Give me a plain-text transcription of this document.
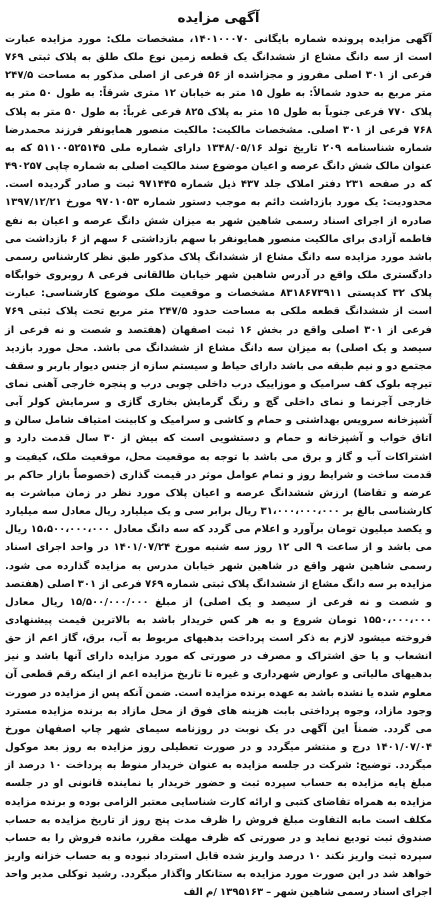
آگهی مزایده

آگهی مزایده پرونده شماره بایگانی ۱۴۰۱۰۰۰۷۰، مشخصات ملک: مورد مزایده عبارت است از سه دانگ مشاع از ششدانگ یک قطعه زمین نوع ملک طلق به پلاک ثبتی ۷۶۹ فرعی از ۳۰۱ اصلی مفروز و مجزاشده از ۵۶ فرعی از اصلی مذکور به مساحت ۲۴۷/۵ متر مربع به حدود شمالاً: به طول ۱۵ متر به خیابان ۱۲ متری شرقاً: به طول ۵۰ متر به پلاک ۷۷۰ فرعی جنوباً به طول ۱۵ متر به پلاک ۸۲۵ فرعی غرباً: به طول ۵۰ متر به پلاک ۷۶۸ فرعی از ۳۰۱ اصلی. مشخصات مالکیت: مالکیت منصور همایونفر فرزند محمدرضا شماره شناسنامه ۲۰۹ تاریخ تولد ۱۳۴۸/۰۵/۱۶ دارای شماره ملی ۵۱۱۰۰۵۲۵۱۴۵ که به عنوان مالک شش دانگ عرصه و اعیان موضوع سند مالکیت اصلی به شماره چاپی ۴۹۰۲۵۷ که در صفحه ۲۳۱ دفتر املاک جلد ۴۳۷ ذیل شماره ۹۷۱۴۴۵ ثبت و صادر گردیده است. محدودیت: یک مورد بازداشت دائم به موجب دستور شماره ۹۷۰۱۰۵۳ مورخ ۱۳۹۷/۱۲/۲۱ صادره از اجرای اسناد رسمی شاهین شهر به میزان شش دانگ عرصه و اعیان به نفع فاطمه آزادی برای مالکیت منصور همایونفر با سهم بازداشتی ۶ سهم از ۶ بازداشت می باشد مورد مزایده سه دانگ مشاع از ششدانگ پلاک مذکور طبق نظر کارشناس رسمی دادگستری ملک واقع در آدرس شاهین شهر خیابان طالقانی فرعی ۸ روبروی خوابگاه پلاک ۳۲ کدپستی ۸۳۱۸۶۷۳۹۱۱ مشخصات و موقعیت ملک موضوع کارشناسی: عبارت است از ششدانگ قطعه ملکی به مساحت حدود ۲۴۷/۵ متر مربع تحت پلاک ثبتی ۷۶۹ فرعی از ۳۰۱ اصلی واقع در بخش ۱۶ ثبت اصفهان (هفتصد و شصت و نه فرعی از سیصد و یک اصلی) به میزان سه دانگ مشاع از ششدانگ می باشد. محل مورد بازدید مجتمع دو و نیم طبقه می باشد دارای حیاط و سیستم سازه از جنس دیوار باربر و سقف تیرچه بلوک کف سرامیک و موزاییک درب داخلی چوبی درب و پنجره خارجی آهنی نمای خارجی آجرنما و نمای داخلی گچ و رنگ گرمایش بخاری گازی و سرمایش کولر آبی آشپزخانه سرویس بهداشتی و حمام و کاشی و سرامیک و کابینت امتیاف شامل سالن و اتاق خواب و آشپزخانه و حمام و دستشویی است که بیش از ۳۰ سال قدمت دارد و اشتراکات آب و گاز و برق می باشد با توجه به موقعیت محل، موقعیت ملک، کیفیت و قدمت ساخت و شرایط روز و تمام عوامل موثر در قیمت گذاری (خصوصاً بازار حاکم بر عرضه و تقاضا) ارزش ششدانگ عرصه و اعیان پلاک مورد نظر در زمان مباشرت به کارشناسی بالغ بر ۳۱،۰۰۰،۰۰۰،۰۰۰ ریال برابر سی و یک میلیارد ریال معادل سه میلیارد و یکصد میلیون تومان برآورد و اعلام می گردد که سه دانگ معادل ۱۵،۵۰۰،۰۰۰،۰۰۰ ریال می باشد و از ساعت ۹ الی ۱۲ روز سه شنبه مورخ ۱۴۰۱/۰۷/۲۴ در واحد اجرای اسناد رسمی شاهین شهر واقع در شاهین شهر خیابان مدرس به مزایده گذارده می شود. مزایده بر سه دانگ مشاع از ششدانگ پلاک ثبتی شماره ۷۶۹ فرعی از ۳۰۱ اصلی (هفتصد و شصت و نه فرعی از سیصد و یک اصلی) از مبلغ ۱۵/۵۰۰/۰۰۰/۰۰۰ ریال معادل ۱۵۵۰،۰۰۰،۰۰۰ تومان شروع و به هر کس خریدار باشد به بالاترین قیمت پیشنهادی فروخته میشود لازم به ذکر است پرداخت بدهیهای مربوط به آب، برق، گاز اعم از حق انشعاب و یا حق اشتراک و مصرف در صورتی که مورد مزایده دارای آنها باشد و نیز بدهیهای مالیاتی و عوارض شهرداری و غیره تا تاریخ مزایده اعم از اینکه رقم قطعی آن معلوم شده یا نشده باشد به عهده برنده مزایده است. ضمن آنکه پس از مزایده در صورت وجود مازاد، وجوه پرداختی بابت هزینه های فوق از محل مازاد به برنده مزایده مسترد می گردد. ضمناً این آگهی در یک نوبت در روزنامه سیمای شهر چاپ اصفهان مورخ ۱۴۰۱/۰۷/۰۴ درج و منتشر میگردد و در صورت تعطیلی روز مزایده به روز بعد موکول میگردد. توضیح: شرکت در جلسه مزایده به عنوان خریدار منوط به پرداخت ۱۰ درصد از مبلغ پایه مزایده به حساب سپرده ثبت و حضور خریدار یا نماینده قانونی او در جلسه مزایده به همراه تقاضای کتبی و ارائه کارت شناسایی معتبر الزامی بوده و برنده مزایده مکلف است مابه التفاوت مبلغ فروش را ظرف مدت پنج روز از تاریخ مزایده به حساب صندوق ثبت تودیع نماید و در صورتی که ظرف مهلت مقرر، مانده فروش را به حساب سپرده ثبت واریز نکند ۱۰ درصد واریز شده قابل استرداد نبوده و به حساب خزانه واریز خواهد شد در این صورت مورد مزایده به ستانکار واگذار میگردد. رشید توکلی مدیر واحد اجرای اسناد رسمی شاهین شهر – ۱۳۹۵۱۶۳ /م الف
